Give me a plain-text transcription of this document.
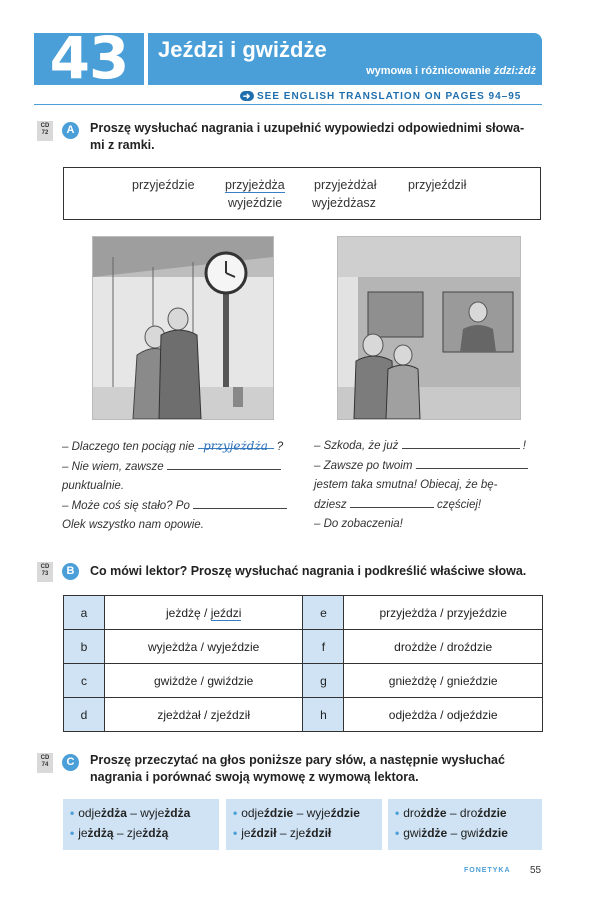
43	Jeździ i gwiżdże
wymowa i różnicowanie żdzi:żdż
➜ SEE ENGLISH TRANSLATION ON PAGES 94–95
CD 72	A	Proszę wysłuchać nagrania i uzupełnić wypowiedzi odpowiednimi słowa-
mi z ramki.
przyjeździe przyjeżdża przyjeżdżał	przyjeździł
wyjeździe wyjeżdżasz
– Dlaczego ten pociąg nie przyjeżdża ?
– Nie wiem, zawsze
punktualnie.
– Może coś się stało? Po
Olek wszystko nam opowie.
– Szkoda, że już	!
– Zawsze po twoim
jestem taka smutna! Obiecaj, że bę-
dziesz	częściej!
– Do zobaczenia!
CD 73	B	Co mówi lektor? Proszę wysłuchać nagrania i podkreślić właściwe słowa.
a	jeżdżę / jeździ	e	przyjeżdża / przyjeździe
b	wyjeżdża / wyjeździe	f	drożdże / droździe
c	gwiżdże / gwiździe	g	gnieżdżę / gnieździe
d	zjeżdżał / zjeździł	h	odjeżdża / odjeździe
CD 74	C	Proszę przeczytać na głos poniższe pary słów, a następnie wysłuchać
nagrania i porównać swoją wymowę z wymową lektora.
• odjeżdża – wyjeżdża
• jeżdżą – zjeżdżą
• odjeździe – wyjeździe
• jeździł – zjeździł
• drożdże – droździe
• gwiżdże – gwiździe
FONETYKA 55
